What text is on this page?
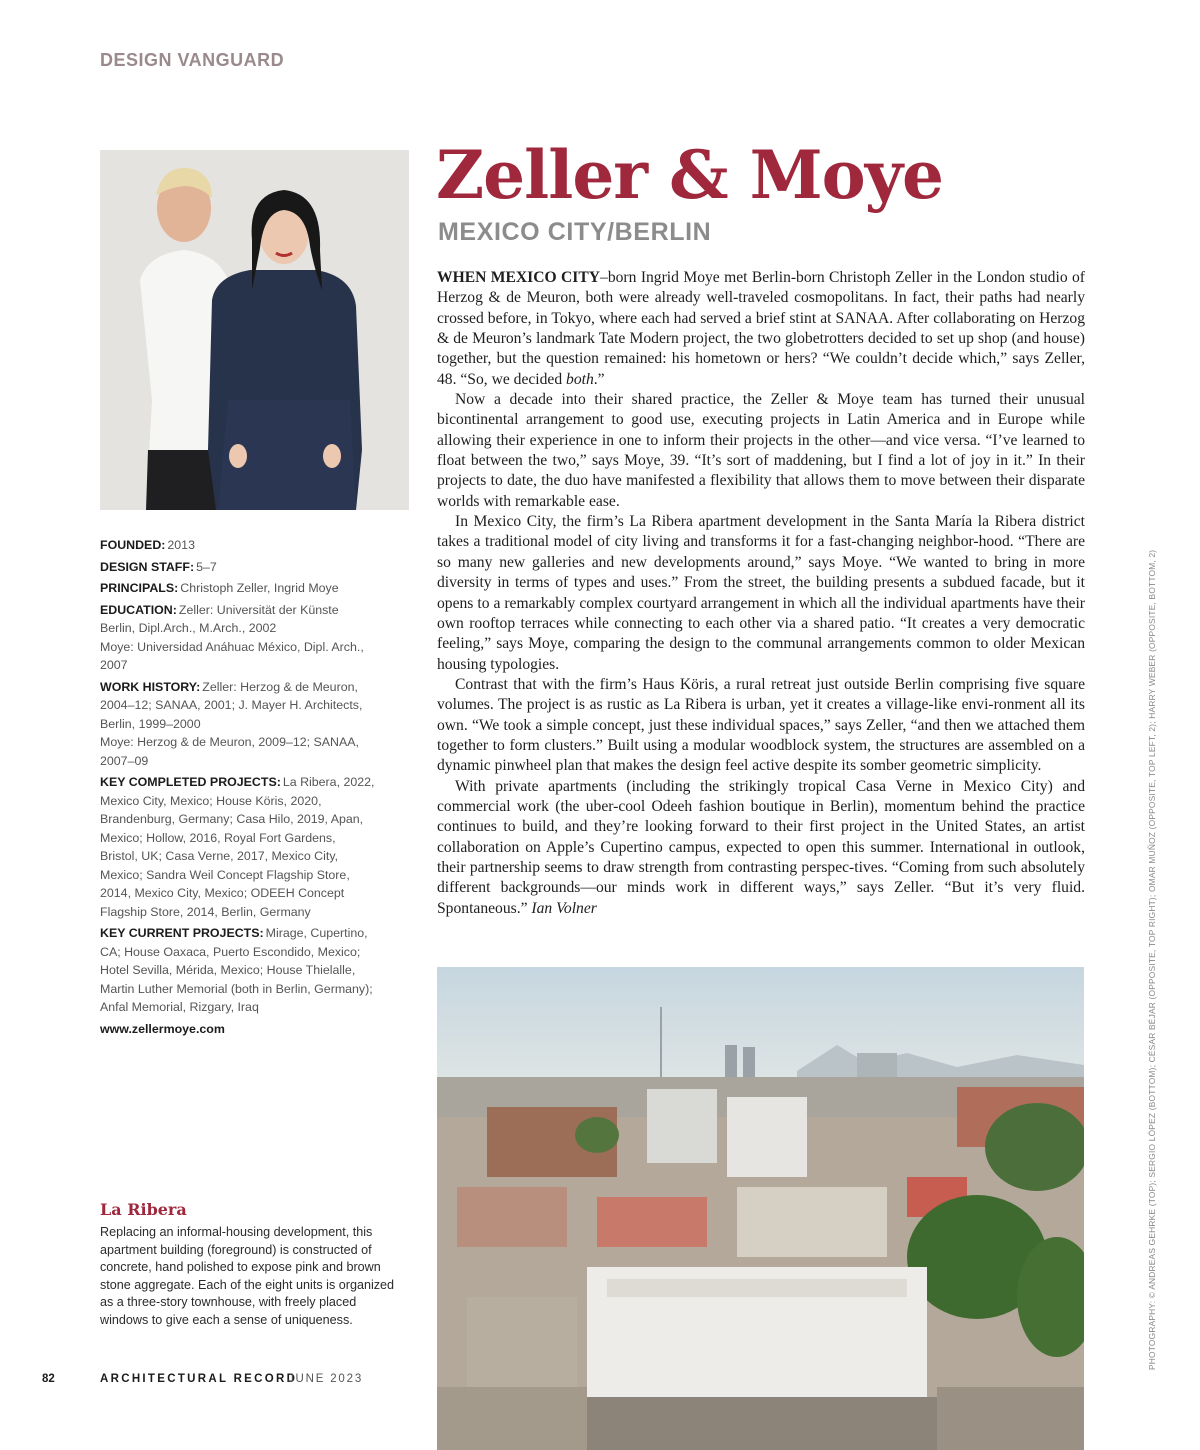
DESIGN VANGUARD
Zeller & Moye
MEXICO CITY/BERLIN

WHEN MEXICO CITY–born Ingrid Moye met Berlin-born Christoph Zeller in the London studio of Herzog & de Meuron, both were already well-traveled cosmopolitans. In fact, their paths had nearly crossed before, in Tokyo, where each had served a brief stint at SANAA. After collaborating on Herzog & de Meuron’s landmark Tate Modern project, the two globetrotters decided to set up shop (and house) together, but the question remained: his hometown or hers? “We couldn’t decide which,” says Zeller, 48. “So, we decided both.”

Now a decade into their shared practice, the Zeller & Moye team has turned their unusual bicontinental arrangement to good use, executing projects in Latin America and in Europe while allowing their experience in one to inform their projects in the other—and vice versa. “I’ve learned to float between the two,” says Moye, 39. “It’s sort of maddening, but I find a lot of joy in it.” In their projects to date, the duo have manifested a flexibility that allows them to move between their disparate worlds with remarkable ease.

In Mexico City, the firm’s La Ribera apartment development in the Santa María la Ribera district takes a traditional model of city living and transforms it for a fast-changing neighbor-hood. “There are so many new galleries and new developments around,” says Moye. “We wanted to bring in more diversity in terms of types and uses.” From the street, the building presents a subdued facade, but it opens to a remarkably complex courtyard arrangement in which all the individual apartments have their own rooftop terraces while connecting to each other via a shared patio. “It creates a very democratic feeling,” says Moye, comparing the design to the communal arrangements common to older Mexican housing typologies.

Contrast that with the firm’s Haus Köris, a rural retreat just outside Berlin comprising five square volumes. The project is as rustic as La Ribera is urban, yet it creates a village-like envi-ronment all its own. “We took a simple concept, just these individual spaces,” says Zeller, “and then we attached them together to form clusters.” Built using a modular woodblock system, the structures are assembled on a dynamic pinwheel plan that makes the design feel active despite its somber geometric simplicity.

With private apartments (including the strikingly tropical Casa Verne in Mexico City) and commercial work (the uber-cool Odeeh fashion boutique in Berlin), momentum behind the practice continues to build, and they’re looking forward to their first project in the United States, an artist collaboration on Apple’s Cupertino campus, expected to open this summer. International in outlook, their partnership seems to draw strength from contrasting perspec-tives. “Coming from such absolutely different backgrounds—our minds work in different ways,” says Zeller. “But it’s very fluid. Spontaneous.” Ian Volner

FOUNDED: 2013
DESIGN STAFF: 5–7
PRINCIPALS: Christoph Zeller, Ingrid Moye
EDUCATION: Zeller: Universität der Künste Berlin, Dipl.Arch., M.Arch., 2002
Moye: Universidad Anáhuac México, Dipl. Arch., 2007
WORK HISTORY: Zeller: Herzog & de Meuron, 2004–12; SANAA, 2001; J. Mayer H. Architects, Berlin, 1999–2000
Moye: Herzog & de Meuron, 2009–12; SANAA, 2007–09
KEY COMPLETED PROJECTS: La Ribera, 2022, Mexico City, Mexico; House Köris, 2020, Brandenburg, Germany; Casa Hilo, 2019, Apan, Mexico; Hollow, 2016, Royal Fort Gardens, Bristol, UK; Casa Verne, 2017, Mexico City, Mexico; Sandra Weil Concept Flagship Store, 2014, Mexico City, Mexico; ODEEH Concept Flagship Store, 2014, Berlin, Germany
KEY CURRENT PROJECTS: Mirage, Cupertino, CA; House Oaxaca, Puerto Escondido, Mexico; Hotel Sevilla, Mérida, Mexico; House Thielalle, Martin Luther Memorial (both in Berlin, Germany); Anfal Memorial, Rizgary, Iraq
www.zellermoye.com
La Ribera
Replacing an informal-housing development, this apartment building (foreground) is constructed of concrete, hand polished to expose pink and brown stone aggregate. Each of the eight units is organized as a three-story townhouse, with freely placed windows to give each a sense of uniqueness.	PHOTOGRAPHY: © ANDREAS GEHRKE (TOP); SERGIO LÓPEZ (BOTTOM); CÉSAR BÉJAR (OPPOSITE, TOP RIGHT); OMAR MUÑOZ (OPPOSITE, TOP LEFT, 2); HARRY WEBER (OPPOSITE, BOTTOM, 2)
82	ARCHITECTURAL RECORD
JUNE 2023
